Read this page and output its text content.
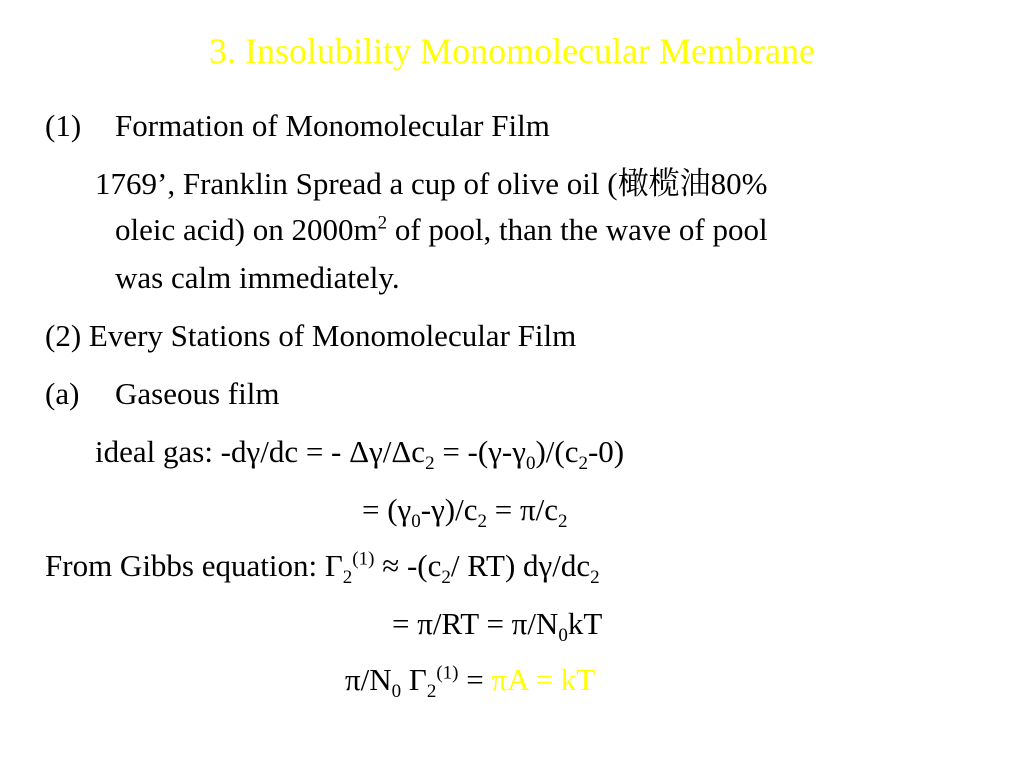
3. Insolubility Monomolecular Membrane
(1) Formation of Monomolecular Film
1769’, Franklin Spread a cup of olive oil (橄榄油80%
oleic acid) on $2000m^2$ of pool, than the wave of pool
was calm immediately.
(2) Every Stations of Monomolecular Film
(a) Gaseous film
ideal gas: -dγ/dc = - $\Delta\gamma/\Delta c_2 = -(\gamma-\gamma_0)/(c_2-0)$
= $(\gamma_0-\gamma)/c_2 = \pi/c_2$
From Gibbs equation: $\Gamma_2^{(1)} \approx -(c_2/$ RT) $d\gamma/dc_2$
= $\pi/RT = \pi/N_0kT$
$\pi/N_0$ $\Gamma_2^{(1)} = \pi A$ = kT
